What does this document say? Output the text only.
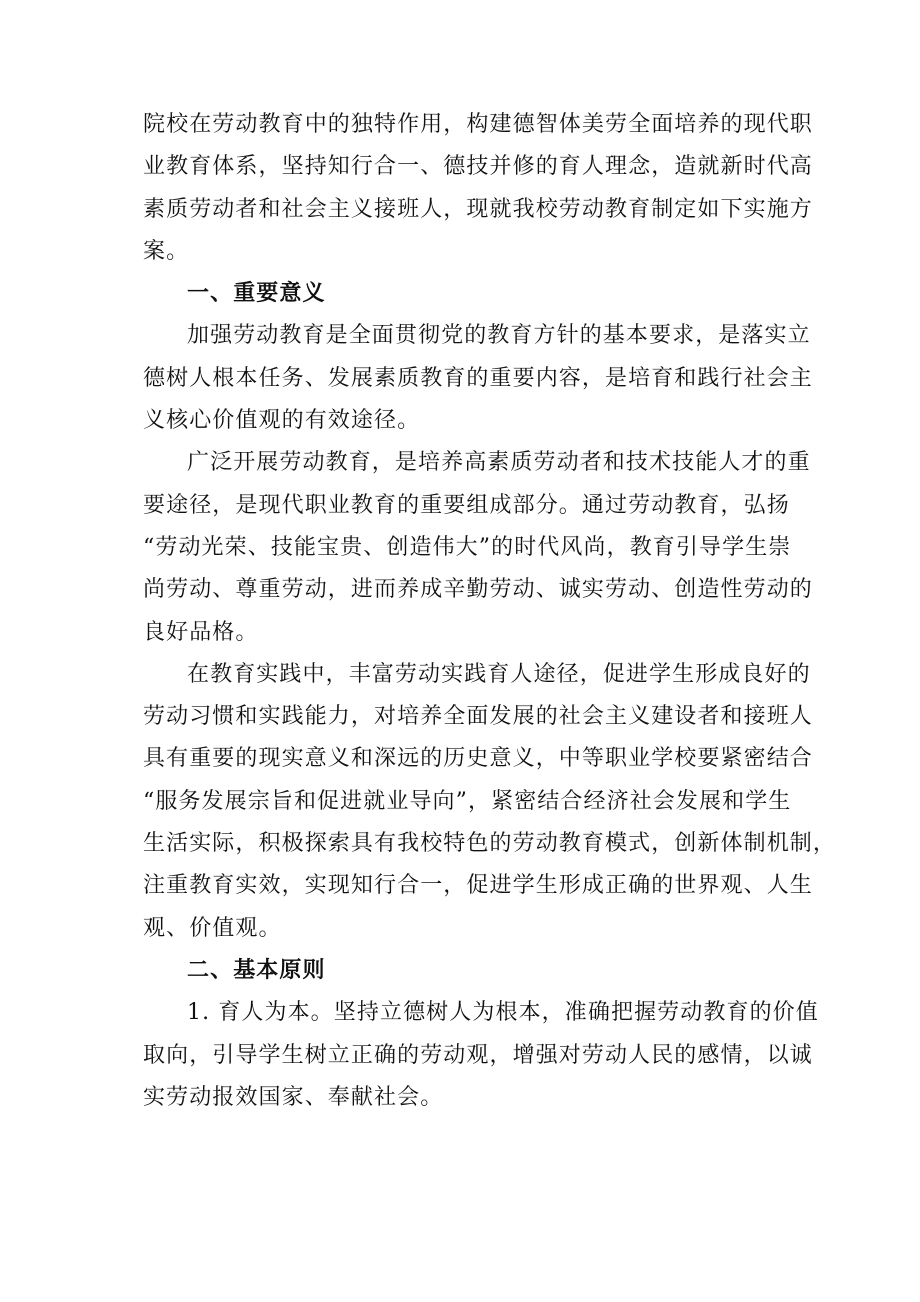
院校在劳动教育中的独特作用，构建德智体美劳全面培养的现代职
业教育体系，坚持知行合一、德技并修的育人理念，造就新时代高
素质劳动者和社会主义接班人，现就我校劳动教育制定如下实施方
案。
一、重要意义
加强劳动教育是全面贯彻党的教育方针的基本要求，是落实立
德树人根本任务、发展素质教育的重要内容，是培育和践行社会主
义核心价值观的有效途径。
广泛开展劳动教育，是培养高素质劳动者和技术技能人才的重
要途径，是现代职业教育的重要组成部分。通过劳动教育，弘扬
“劳动光荣、技能宝贵、创造伟大”的时代风尚，教育引导学生崇
尚劳动、尊重劳动，进而养成辛勤劳动、诚实劳动、创造性劳动的
良好品格。
在教育实践中，丰富劳动实践育人途径，促进学生形成良好的
劳动习惯和实践能力，对培养全面发展的社会主义建设者和接班人
具有重要的现实意义和深远的历史意义，中等职业学校要紧密结合
“服务发展宗旨和促进就业导向”，紧密结合经济社会发展和学生
生活实际，积极探索具有我校特色的劳动教育模式，创新体制机制，
注重教育实效，实现知行合一，促进学生形成正确的世界观、人生
观、价值观。
二、基本原则
1. 育人为本。坚持立德树人为根本，准确把握劳动教育的价值
取向，引导学生树立正确的劳动观，增强对劳动人民的感情，以诚
实劳动报效国家、奉献社会。
